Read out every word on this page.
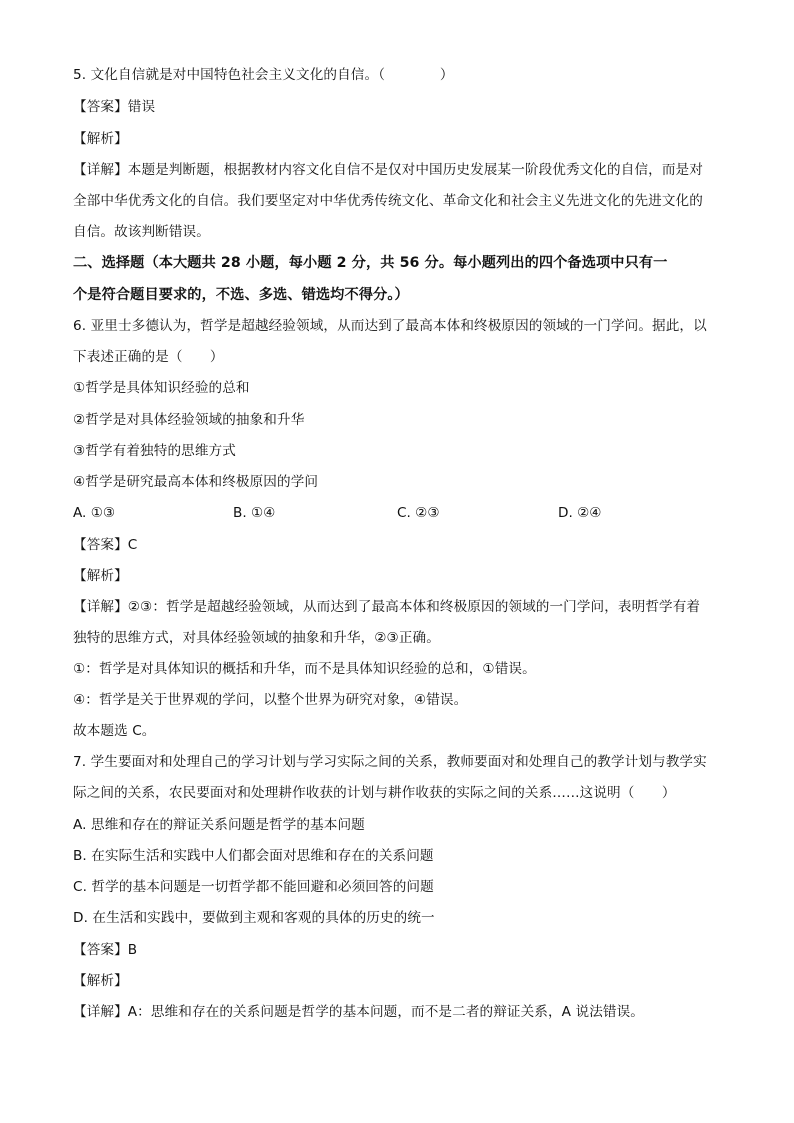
5. 文化自信就是对中国特色社会主义文化的自信。（　　　　）
【答案】错误
【解析】
【详解】本题是判断题，根据教材内容文化自信不是仅对中国历史发展某一阶段优秀文化的自信，而是对
全部中华优秀文化的自信。我们要坚定对中华优秀传统文化、革命文化和社会主义先进文化的先进文化的
自信。故该判断错误。
二、选择题（本大题共 28 小题，每小题 2 分，共 56 分。每小题列出的四个备选项中只有一
个是符合题目要求的，不选、多选、错选均不得分。）
6. 亚里士多德认为，哲学是超越经验领域，从而达到了最高本体和终极原因的领域的一门学问。据此，以
下表述正确的是（　　）
①哲学是具体知识经验的总和
②哲学是对具体经验领域的抽象和升华
③哲学有着独特的思维方式
④哲学是研究最高本体和终极原因的学问
A. ①③	B. ①④	C. ②③	D. ②④
【答案】C
【解析】
【详解】②③：哲学是超越经验领域，从而达到了最高本体和终极原因的领域的一门学问，表明哲学有着
独特的思维方式，对具体经验领域的抽象和升华，②③正确。
①：哲学是对具体知识的概括和升华，而不是具体知识经验的总和，①错误。
④：哲学是关于世界观的学问，以整个世界为研究对象，④错误。
故本题选 C。
7. 学生要面对和处理自己的学习计划与学习实际之间的关系，教师要面对和处理自己的教学计划与教学实
际之间的关系，农民要面对和处理耕作收获的计划与耕作收获的实际之间的关系……这说明（　　）
A. 思维和存在的辩证关系问题是哲学的基本问题
B. 在实际生活和实践中人们都会面对思维和存在的关系问题
C. 哲学的基本问题是一切哲学都不能回避和必须回答的问题
D. 在生活和实践中，要做到主观和客观的具体的历史的统一
【答案】B
【解析】
【详解】A：思维和存在的关系问题是哲学的基本问题，而不是二者的辩证关系，A 说法错误。
